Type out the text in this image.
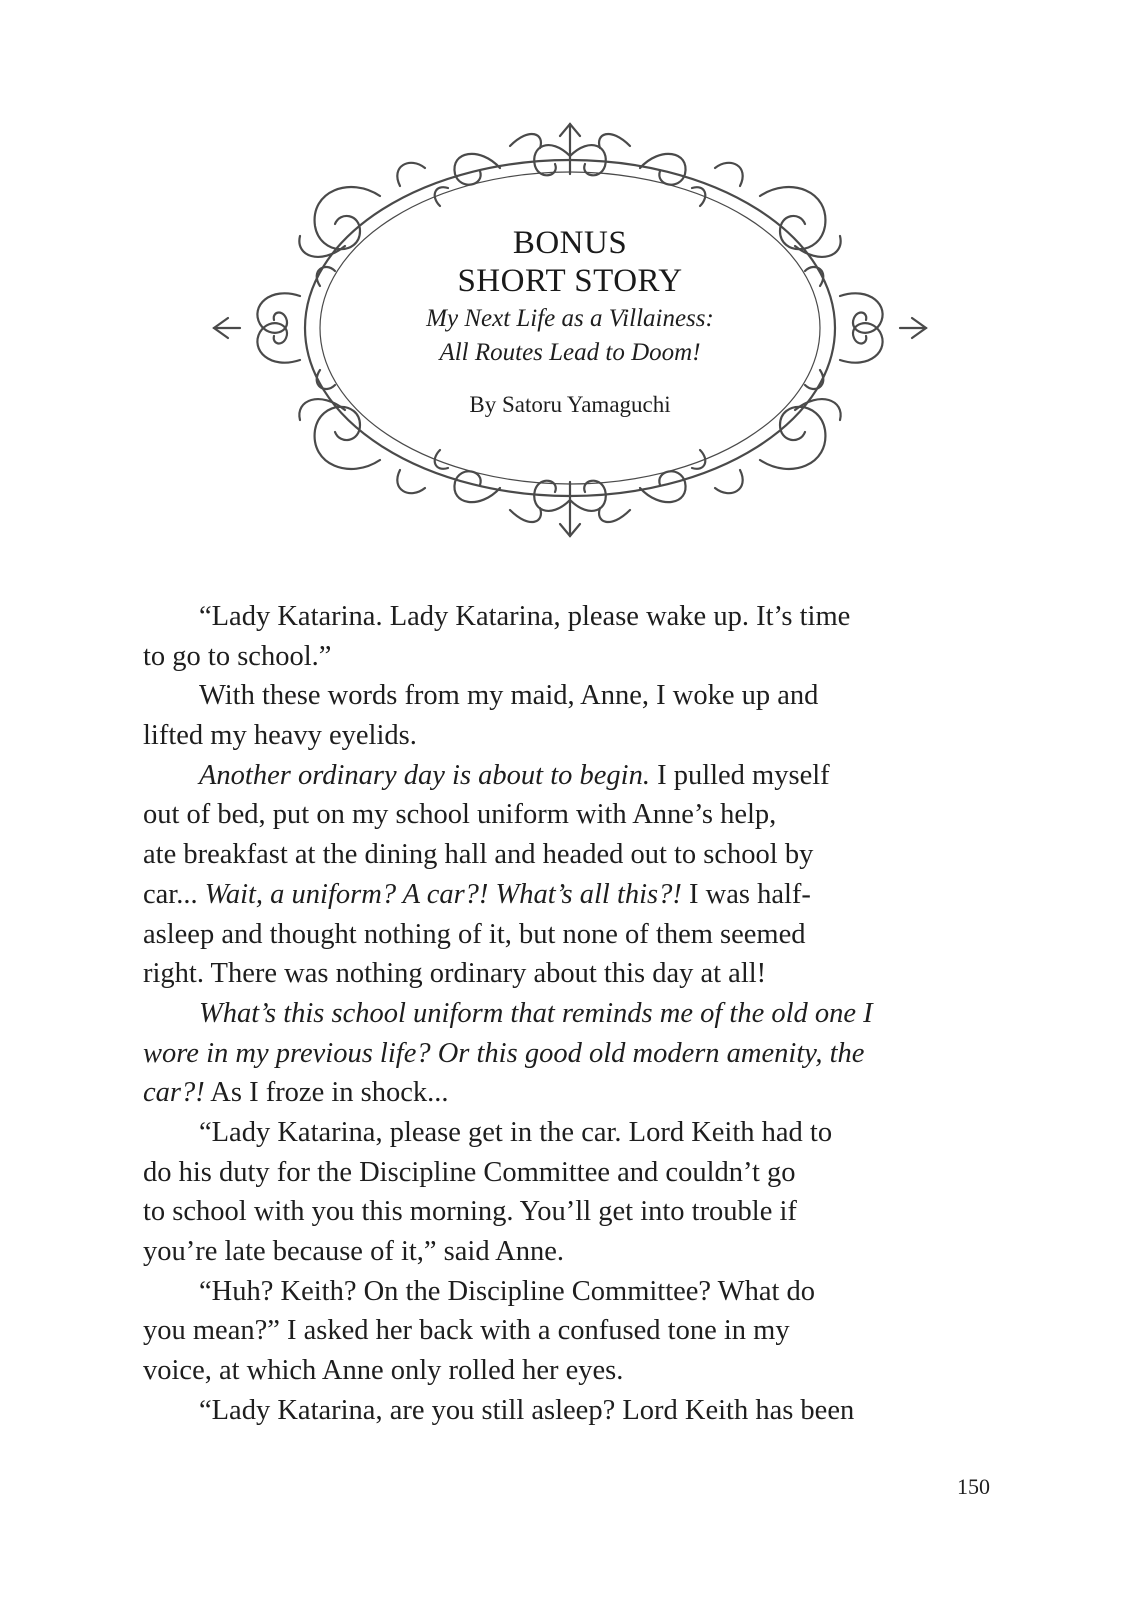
BONUS
SHORT STORY
My Next Life as a Villainess:
All Routes Lead to Doom!
By Satoru Yamaguchi

“Lady Katarina. Lady Katarina, please wake up. It’s time

to go to school.”

With these words from my maid, Anne, I woke up and

lifted my heavy eyelids.

Another ordinary day is about to begin. I pulled myself

out of bed, put on my school uniform with Anne’s help,

ate breakfast at the dining hall and headed out to school by

car... Wait, a uniform? A car?! What’s all this?! I was half-

asleep and thought nothing of it, but none of them seemed

right. There was nothing ordinary about this day at all!

What’s this school uniform that reminds me of the old one I

wore in my previous life? Or this good old modern amenity, the

car?! As I froze in shock...

“Lady Katarina, please get in the car. Lord Keith had to

do his duty for the Discipline Committee and couldn’t go

to school with you this morning. You’ll get into trouble if

you’re late because of it,” said Anne.

“Huh? Keith? On the Discipline Committee? What do

you mean?” I asked her back with a confused tone in my

voice, at which Anne only rolled her eyes.

“Lady Katarina, are you still asleep? Lord Keith has been

150
